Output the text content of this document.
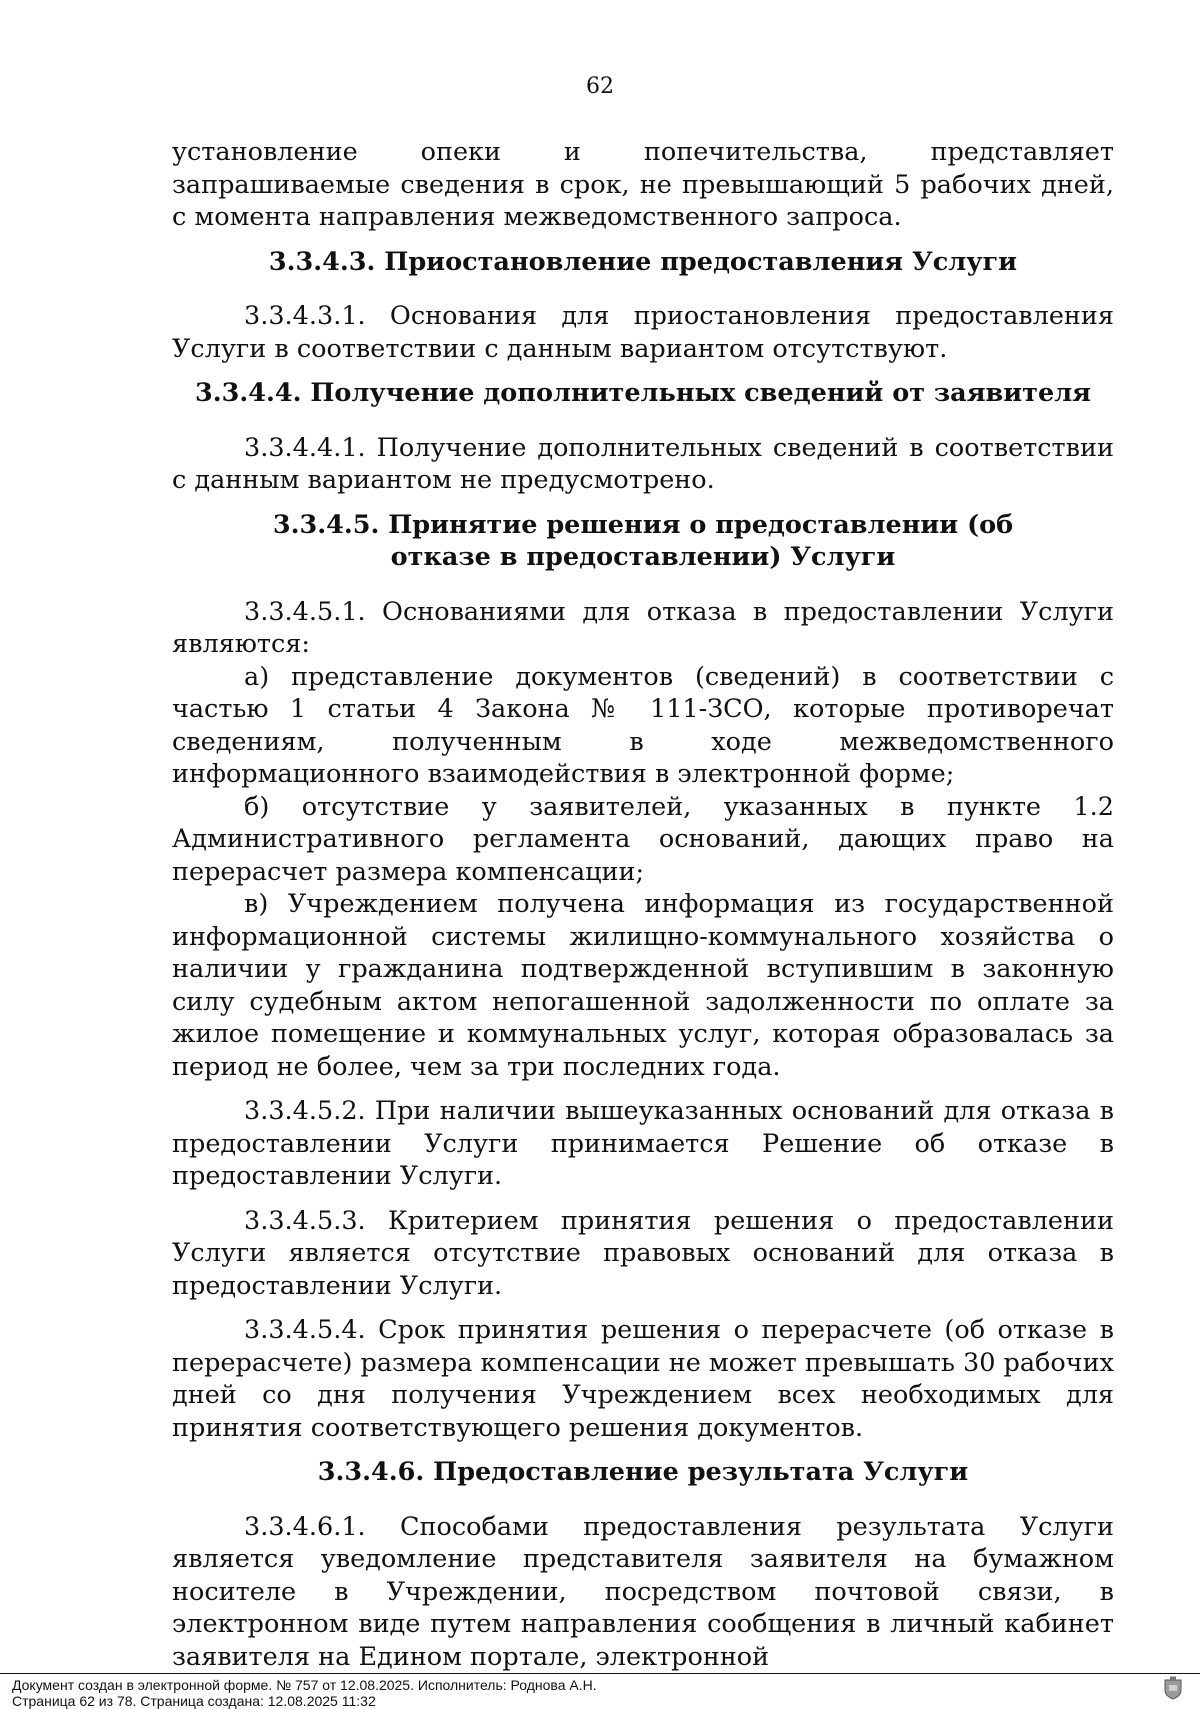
62

установление опеки и попечительства, представляет запрашиваемые сведения в срок, не превышающий 5 рабочих дней, с момента направления межведомственного запроса.

3.3.4.3. Приостановление предоставления Услуги

3.3.4.3.1. Основания для приостановления предоставления Услуги в соответствии с данным вариантом отсутствуют.

3.3.4.4. Получение дополнительных сведений от заявителя

3.3.4.4.1. Получение дополнительных сведений в соответствии с данным вариантом не предусмотрено.

3.3.4.5. Принятие решения о предоставлении (об отказе в предоставлении) Услуги

3.3.4.5.1. Основаниями для отказа в предоставлении Услуги являются:

а) представление документов (сведений) в соответствии с частью 1 статьи 4 Закона № 111-ЗСО, которые противоречат сведениям, полученным в ходе межведомственного информационного взаимодействия в электронной форме;

б) отсутствие у заявителей, указанных в пункте 1.2 Административного регламента оснований, дающих право на перерасчет размера компенсации;

в) Учреждением получена информация из государственной информационной системы жилищно-коммунального хозяйства о наличии у гражданина подтвержденной вступившим в законную силу судебным актом непогашенной задолженности по оплате за жилое помещение и коммунальных услуг, которая образовалась за период не более, чем за три последних года.

3.3.4.5.2. При наличии вышеуказанных оснований для отказа в предоставлении Услуги принимается Решение об отказе в предоставлении Услуги.

3.3.4.5.3. Критерием принятия решения о предоставлении Услуги является отсутствие правовых оснований для отказа в предоставлении Услуги.

3.3.4.5.4. Срок принятия решения о перерасчете (об отказе в перерасчете) размера компенсации не может превышать 30 рабочих дней со дня получения Учреждением всех необходимых для принятия соответствующего решения документов.

3.3.4.6. Предоставление результата Услуги

3.3.4.6.1. Способами предоставления результата Услуги является уведомление представителя заявителя на бумажном носителе в Учреждении, посредством почтовой связи, в электронном виде путем направления сообщения в личный кабинет заявителя на Едином портале, электронной

Документ создан в электронной форме. № 757 от 12.08.2025. Исполнитель: Роднова А.Н.
Страница 62 из 78. Страница создана: 12.08.2025 11:32
